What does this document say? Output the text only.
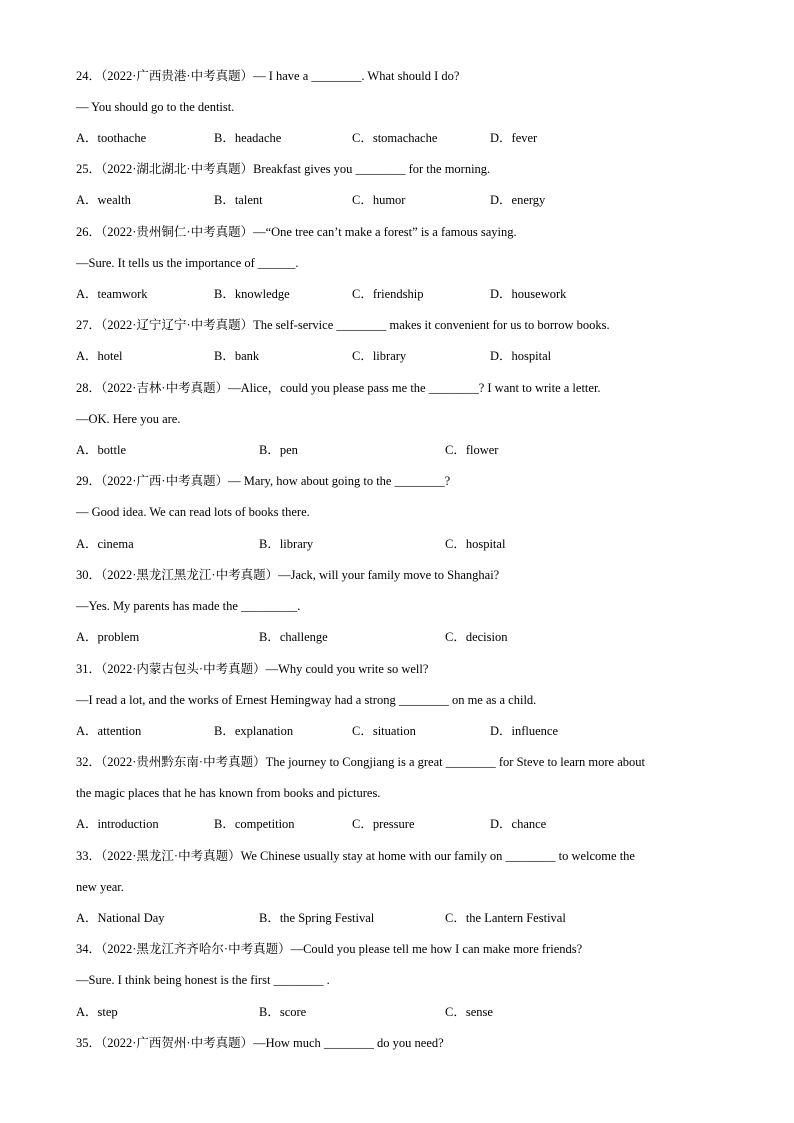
24．（2022·广西贵港·中考真题）— I have a ________. What should I do?
— You should go to the dentist.
A．toothache	B．headache	C．stomachache	D．fever
25．（2022·湖北湖北·中考真题）Breakfast gives you ________ for the morning.
A．wealth	B．talent	C．humor	D．energy
26．（2022·贵州铜仁·中考真题）—“One tree can’t make a forest” is a famous saying.
—Sure. It tells us the importance of ______.
A．teamwork	B．knowledge	C．friendship	D．housework
27．（2022·辽宁辽宁·中考真题）The self-service ________ makes it convenient for us to borrow books.
A．hotel	B．bank	C．library	D．hospital
28．（2022·吉林·中考真题）—Alice，could you please pass me the ________? I want to write a letter.
—OK. Here you are.
A．bottle	B．pen	C．flower
29．（2022·广西·中考真题）— Mary, how about going to the ________?
— Good idea. We can read lots of books there.
A．cinema	B．library	C．hospital
30．（2022·黑龙江黑龙江·中考真题）—Jack, will your family move to Shanghai?
—Yes. My parents has made the _________.
A．problem	B．challenge	C．decision
31．（2022·内蒙古包头·中考真题）—Why could you write so well?
—I read a lot, and the works of Ernest Hemingway had a strong ________ on me as a child.
A．attention	B．explanation	C．situation	D．influence
32．（2022·贵州黔东南·中考真题）The journey to Congjiang is a great ________ for Steve to learn more about
the magic places that he has known from books and pictures.
A．introduction	B．competition	C．pressure	D．chance
33．（2022·黑龙江·中考真题）We Chinese usually stay at home with our family on ________ to welcome the
new year.
A．National Day	B．the Spring Festival	C．the Lantern Festival
34．（2022·黑龙江齐齐哈尔·中考真题）—Could you please tell me how I can make more friends?
—Sure. I think being honest is the first ________ .
A．step	B．score	C．sense
35．（2022·广西贺州·中考真题）—How much ________ do you need?
